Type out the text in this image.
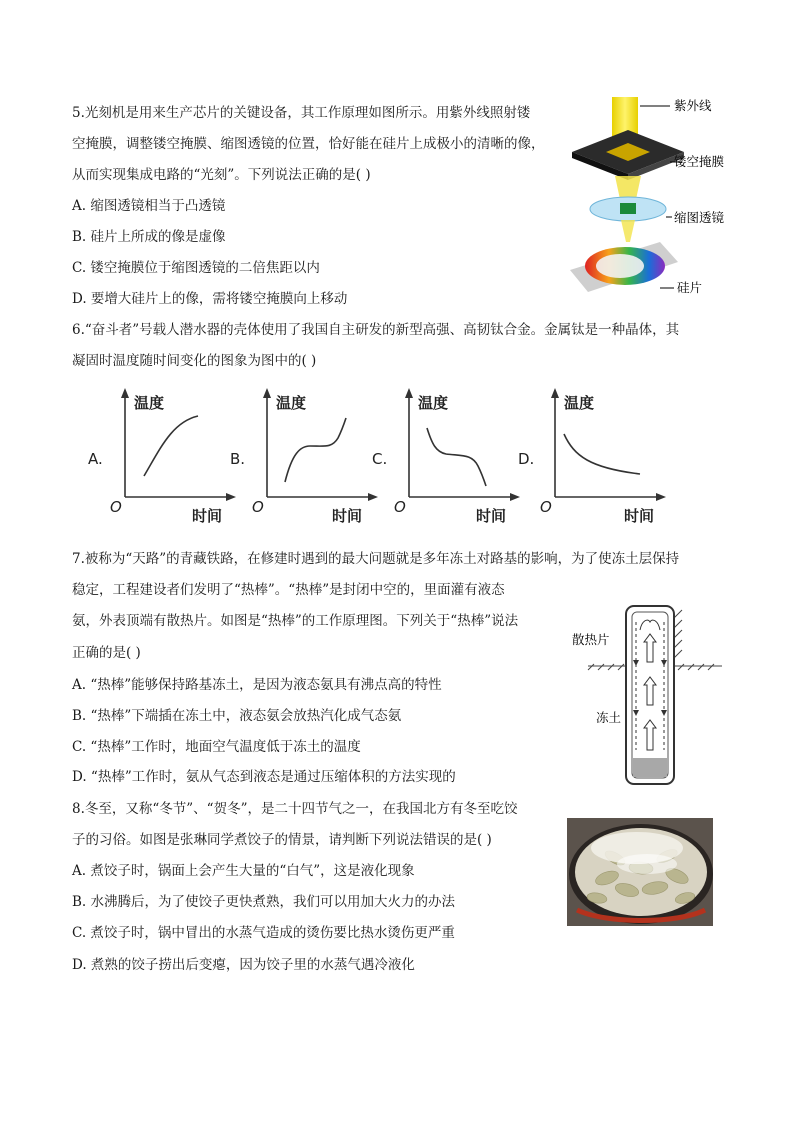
5.光刻机是用来生产芯片的关键设备，其工作原理如图所示。用紫外线照射镂
空掩膜，调整镂空掩膜、缩图透镜的位置，恰好能在硅片上成极小的清晰的像，
从而实现集成电路的“光刻”。下列说法正确的是( )
A. 缩图透镜相当于凸透镜
B. 硅片上所成的像是虚像
C. 镂空掩膜位于缩图透镜的二倍焦距以内
D. 要增大硅片上的像，需将镂空掩膜向上移动
紫外线
镂空掩膜
缩图透镜
硅片
6.“奋斗者”号载人潜水器的壳体使用了我国自主研发的新型高强、高韧钛合金。金属钛是一种晶体，其
凝固时温度随时间变化的图象为图中的( )
A.
温度
时间
O
B.
温度
时间
O
C.
温度
时间
O
D.
温度
时间
O
7.被称为“天路”的青藏铁路，在修建时遇到的最大问题就是多年冻土对路基的影响，为了使冻土层保持
稳定，工程建设者们发明了“热棒”。“热棒”是封闭中空的，里面灌有液态
氨，外表顶端有散热片。如图是“热棒”的工作原理图。下列关于“热棒”说法
正确的是( )
A. “热棒”能够保持路基冻土，是因为液态氨具有沸点高的特性
B. “热棒”下端插在冻土中，液态氨会放热汽化成气态氨
C. “热棒”工作时，地面空气温度低于冻土的温度
D. “热棒”工作时，氨从气态到液态是通过压缩体积的方法实现的
散热片
冻土
8.冬至，又称“冬节”、“贺冬”，是二十四节气之一，在我国北方有冬至吃饺
子的习俗。如图是张琳同学煮饺子的情景，请判断下列说法错误的是( )
A. 煮饺子时，锅面上会产生大量的“白气”，这是液化现象
B. 水沸腾后，为了使饺子更快煮熟，我们可以用加大火力的办法
C. 煮饺子时，锅中冒出的水蒸气造成的烫伤要比热水烫伤更严重
D. 煮熟的饺子捞出后变瘪，因为饺子里的水蒸气遇冷液化
